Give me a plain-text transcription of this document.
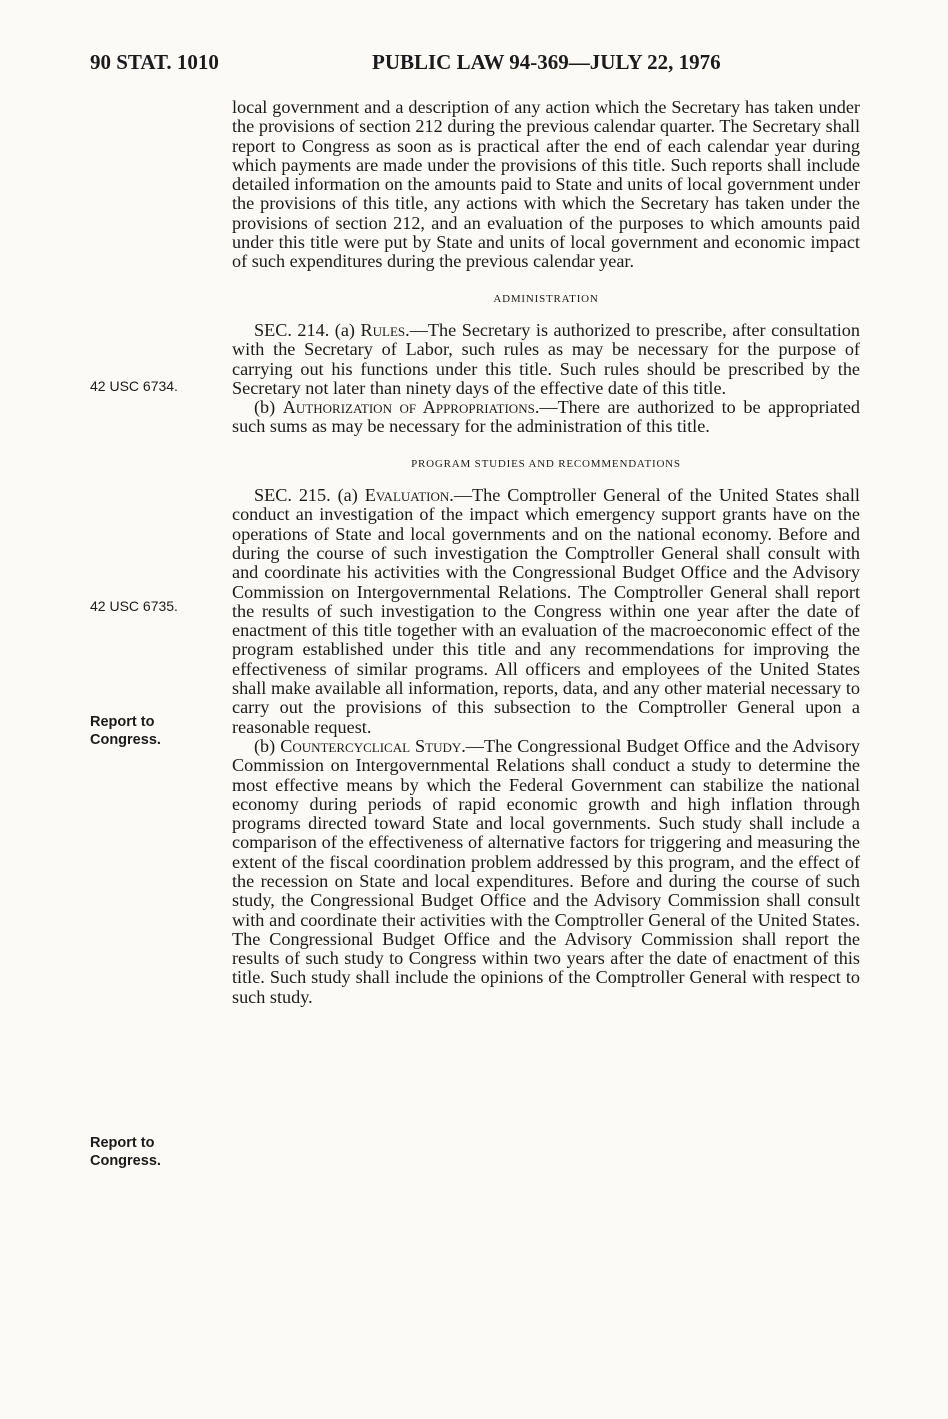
90 STAT. 1010	PUBLIC LAW 94-369—JULY 22, 1976
42 USC 6734.
42 USC 6735.
Report to
Congress.
Report to
Congress.

local government and a description of any action which the Secretary has taken under the provisions of section 212 during the previous calendar quarter. The Secretary shall report to Congress as soon as is practical after the end of each calendar year during which payments are made under the provisions of this title. Such reports shall include detailed information on the amounts paid to State and units of local government under the provisions of this title, any actions with which the Secretary has taken under the provisions of section 212, and an evaluation of the purposes to which amounts paid under this title were put by State and units of local government and economic impact of such expenditures during the previous calendar year.

ADMINISTRATION

SEC. 214. (a) Rules.—The Secretary is authorized to prescribe, after consultation with the Secretary of Labor, such rules as may be necessary for the purpose of carrying out his functions under this title. Such rules should be prescribed by the Secretary not later than ninety days of the effective date of this title.

(b) Authorization of Appropriations.—There are authorized to be appropriated such sums as may be necessary for the administration of this title.

PROGRAM STUDIES AND RECOMMENDATIONS

SEC. 215. (a) Evaluation.—The Comptroller General of the United States shall conduct an investigation of the impact which emergency support grants have on the operations of State and local governments and on the national economy. Before and during the course of such investigation the Comptroller General shall consult with and coordinate his activities with the Congressional Budget Office and the Advisory Commission on Intergovernmental Relations. The Comptroller General shall report the results of such investigation to the Congress within one year after the date of enactment of this title together with an evaluation of the macroeconomic effect of the program established under this title and any recommendations for improving the effectiveness of similar programs. All officers and employees of the United States shall make available all information, reports, data, and any other material necessary to carry out the provisions of this subsection to the Comptroller General upon a reasonable request.

(b) Countercyclical Study.—The Congressional Budget Office and the Advisory Commission on Intergovernmental Relations shall conduct a study to determine the most effective means by which the Federal Government can stabilize the national economy during periods of rapid economic growth and high inflation through programs directed toward State and local governments. Such study shall include a comparison of the effectiveness of alternative factors for triggering and measuring the extent of the fiscal coordination problem addressed by this program, and the effect of the recession on State and local expenditures. Before and during the course of such study, the Congressional Budget Office and the Advisory Commission shall consult with and coordinate their activities with the Comptroller General of the United States. The Congressional Budget Office and the Advisory Commission shall report the results of such study to Congress within two years after the date of enactment of this title. Such study shall include the opinions of the Comptroller General with respect to such study.
